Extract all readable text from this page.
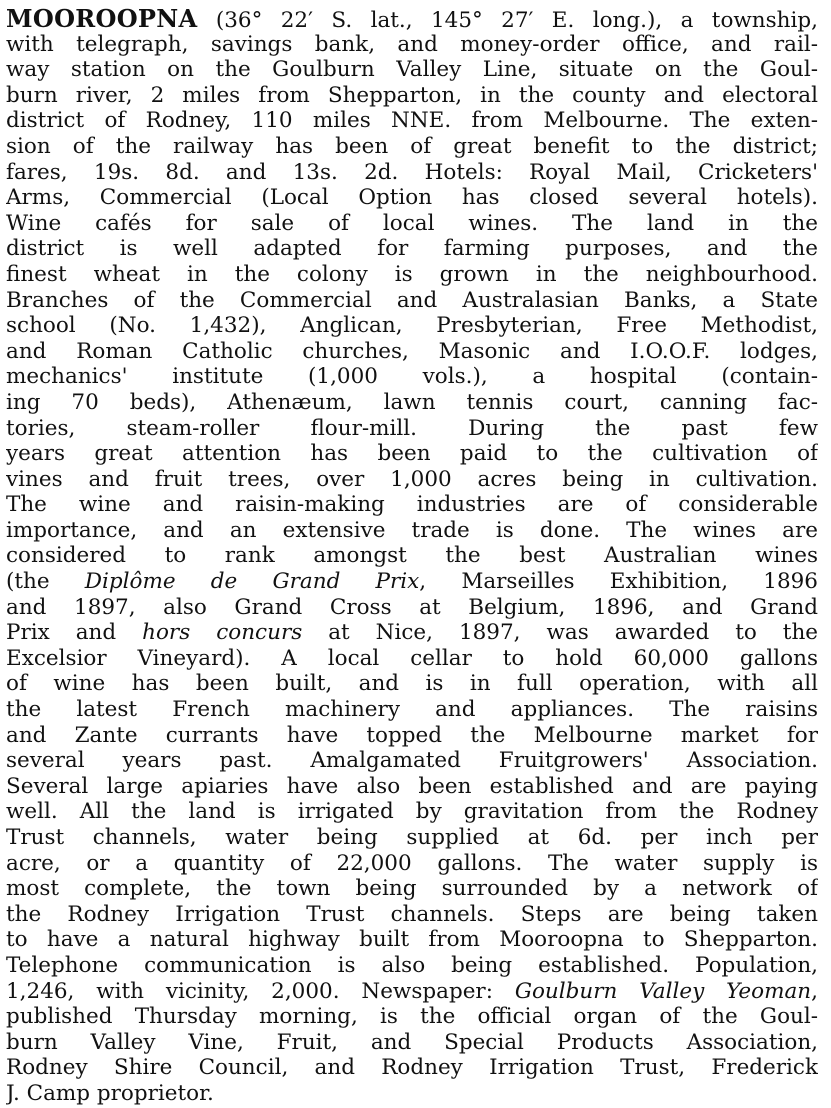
MOOROOPNA (36° 22′ S. lat., 145° 27′ E. long.), a township,
with telegraph, savings bank, and money-order office, and rail-
way station on the Goulburn Valley Line, situate on the Goul-
burn river, 2 miles from Shepparton, in the county and electoral
district of Rodney, 110 miles NNE. from Melbourne. The exten-
sion of the railway has been of great benefit to the district;
fares, 19s. 8d. and 13s. 2d. Hotels: Royal Mail, Cricketers'
Arms, Commercial (Local Option has closed several hotels).
Wine cafés for sale of local wines. The land in the
district is well adapted for farming purposes, and the
finest wheat in the colony is grown in the neighbourhood.
Branches of the Commercial and Australasian Banks, a State
school (No. 1,432), Anglican, Presbyterian, Free Methodist,
and Roman Catholic churches, Masonic and I.O.O.F. lodges,
mechanics' institute (1,000 vols.), a hospital (contain-
ing 70 beds), Athenæum, lawn tennis court, canning fac-
tories, steam-roller flour-mill. During the past few
years great attention has been paid to the cultivation of
vines and fruit trees, over 1,000 acres being in cultivation.
The wine and raisin-making industries are of considerable
importance, and an extensive trade is done. The wines are
considered to rank amongst the best Australian wines
(the Diplôme de Grand Prix, Marseilles Exhibition, 1896
and 1897, also Grand Cross at Belgium, 1896, and Grand
Prix and hors concurs at Nice, 1897, was awarded to the
Excelsior Vineyard). A local cellar to hold 60,000 gallons
of wine has been built, and is in full operation, with all
the latest French machinery and appliances. The raisins
and Zante currants have topped the Melbourne market for
several years past. Amalgamated Fruitgrowers' Association.
Several large apiaries have also been established and are paying
well. All the land is irrigated by gravitation from the Rodney
Trust channels, water being supplied at 6d. per inch per
acre, or a quantity of 22,000 gallons. The water supply is
most complete, the town being surrounded by a network of
the Rodney Irrigation Trust channels. Steps are being taken
to have a natural highway built from Mooroopna to Shepparton.
Telephone communication is also being established. Population,
1,246, with vicinity, 2,000. Newspaper: Goulburn Valley Yeoman,
published Thursday morning, is the official organ of the Goul-
burn Valley Vine, Fruit, and Special Products Association,
Rodney Shire Council, and Rodney Irrigation Trust, Frederick
J. Camp proprietor.
